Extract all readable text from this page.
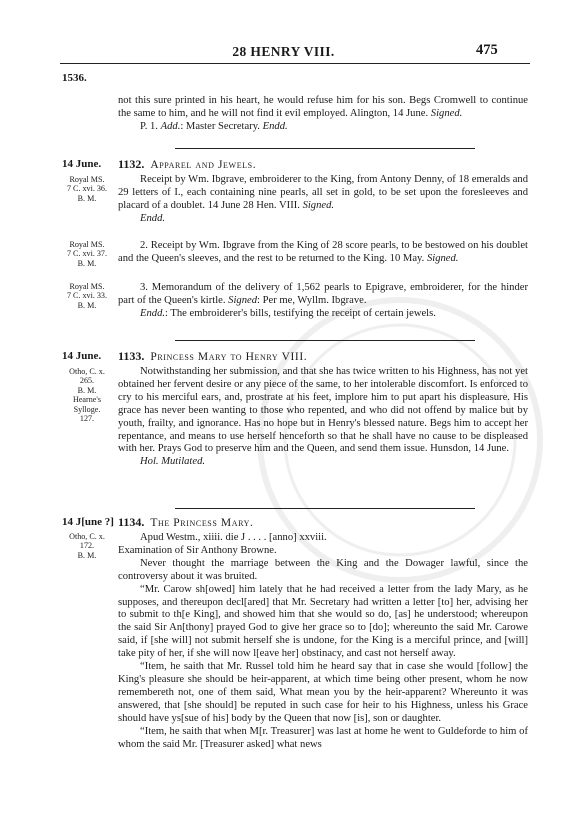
28 HENRY VIII.	475
1536.

not this sure printed in his heart, he would refuse him for his son. Begs Cromwell to continue the same to him, and he will not find it evil employed. Alington, 14 June. Signed.

P. 1. Add.: Master Secretary. Endd.
14 June. 1132. Apparel and Jewels.
Royal MS.
7 C. xvi. 36.
B. M.

Receipt by Wm. Ibgrave, embroiderer to the King, from Antony Denny, of 18 emeralds and 29 letters of I., each containing nine pearls, all set in gold, to be set upon the foresleeves and placard of a doublet. 14 June 28 Hen. VIII. Signed.

Endd.
Royal MS.
7 C. xvi. 37.
B. M.

2. Receipt by Wm. Ibgrave from the King of 28 score pearls, to be bestowed on his doublet and the Queen's sleeves, and the rest to be returned to the King. 10 May. Signed.

Royal MS.
7 C. xvi. 33.
B. M.

3. Memorandum of the delivery of 1,562 pearls to Epigrave, embroiderer, for the hinder part of the Queen's kirtle. Signed: Per me, Wyllm. Ibgrave.

Endd.: The embroiderer's bills, testifying the receipt of certain jewels.
14 June. 1133. Princess Mary to Henry VIII.
Otho, C. x.
265.
B. M.
Hearne's
Sylloge.
127.

Notwithstanding her submission, and that she has twice written to his Highness, has not yet obtained her fervent desire or any piece of the same, to her intolerable discomfort. Is enforced to cry to his merciful ears, and, prostrate at his feet, implore him to put apart his displeasure. His grace has never been wanting to those who repented, and who did not offend by malice but by youth, frailty, and ignorance. Has no hope but in Henry's blessed nature. Begs him to accept her repentance, and means to use herself henceforth so that he shall have no cause to be displeased with her. Prays God to preserve him and the Queen, and send them issue. Hunsdon, 14 June.

Hol. Mutilated.
14 J[une ?] 1134. The Princess Mary.
Otho, C. x.
172.
B. M.

Apud Westm., xiiii. die J . . . . [anno] xxviii.

Examination of Sir Anthony Browne.

Never thought the marriage between the King and the Dowager lawful, since the controversy about it was bruited.

“Mr. Carow sh[owed] him lately that he had received a letter from the lady Mary, as he supposes, and thereupon decl[ared] that Mr. Secretary had written a letter [to] her, advising her to submit to th[e King], and showed him that she would so do, [as] he understood; whereupon the said Sir An[thony] prayed God to give her grace so to [do]; whereunto the said Mr. Carowe said, if [she will] not submit herself she is undone, for the King is a merciful prince, and [will] take pity of her, if she will now l[eave her] obstinacy, and cast not herself away.

“Item, he saith that Mr. Russel told him he heard say that in case she would [follow] the King's pleasure she should be heir-apparent, at which time being other present, whom he now remembereth not, one of them said, What mean you by the heir-apparent? Whereunto it was answered, that [she should] be reputed in such case for heir to his Highness, unless his Grace should have ys[sue of his] body by the Queen that now [is], son or daughter.

“Item, he saith that when M[r. Treasurer] was last at home he went to Guldeforde to him of whom the said Mr. [Treasurer asked] what news
